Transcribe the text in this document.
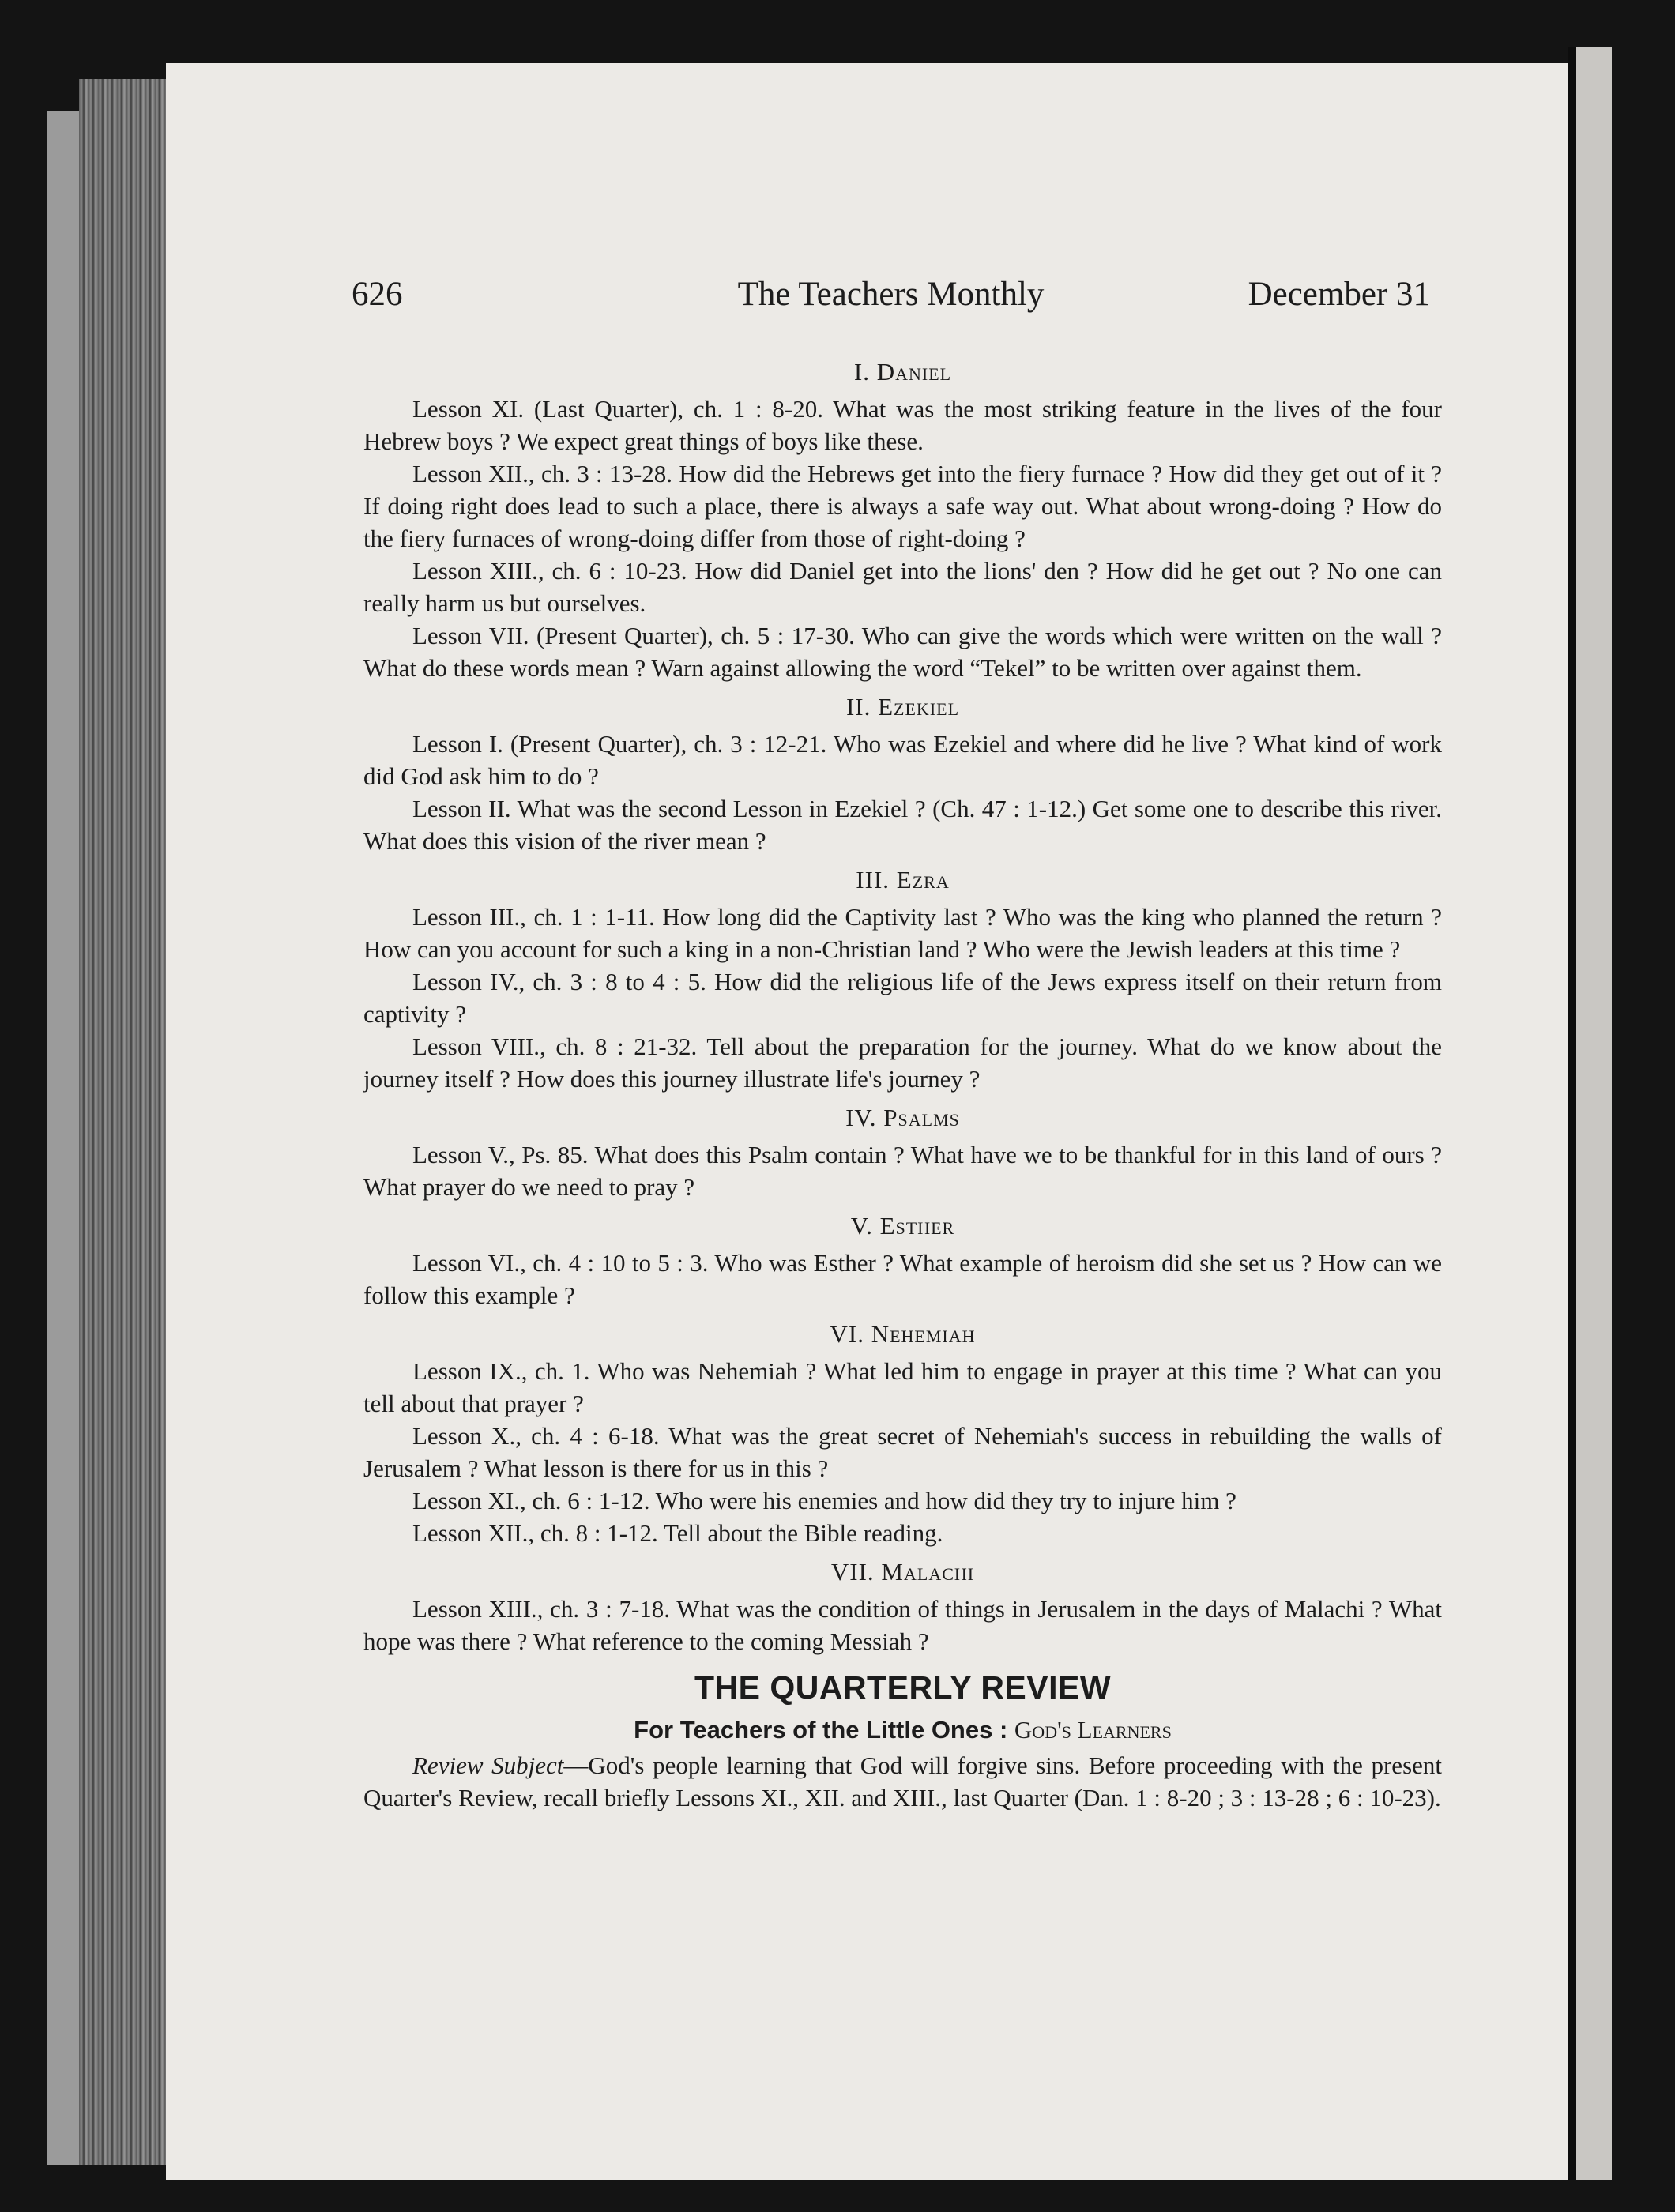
626	The Teachers Monthly	December 31
I. Daniel

Lesson XI. (Last Quarter), ch. 1 : 8-20. What was the most striking feature in the lives of the four Hebrew boys ? We expect great things of boys like these.

Lesson XII., ch. 3 : 13-28. How did the Hebrews get into the fiery furnace ? How did they get out of it ? If doing right does lead to such a place, there is always a safe way out. What about wrong-doing ? How do the fiery furnaces of wrong-doing differ from those of right-doing ?

Lesson XIII., ch. 6 : 10-23. How did Daniel get into the lions' den ? How did he get out ? No one can really harm us but ourselves.

Lesson VII. (Present Quarter), ch. 5 : 17-30. Who can give the words which were written on the wall ? What do these words mean ? Warn against allowing the word “Tekel” to be written over against them.

II. Ezekiel

Lesson I. (Present Quarter), ch. 3 : 12-21. Who was Ezekiel and where did he live ? What kind of work did God ask him to do ?

Lesson II. What was the second Lesson in Ezekiel ? (Ch. 47 : 1-12.) Get some one to describe this river. What does this vision of the river mean ?

III. Ezra

Lesson III., ch. 1 : 1-11. How long did the Captivity last ? Who was the king who planned the return ? How can you account for such a king in a non-Christian land ? Who were the Jewish leaders at this time ?

Lesson IV., ch. 3 : 8 to 4 : 5. How did the religious life of the Jews express itself on their return from captivity ?

Lesson VIII., ch. 8 : 21-32. Tell about the preparation for the journey. What do we know about the journey itself ? How does this journey illustrate life's journey ?

IV. Psalms

Lesson V., Ps. 85. What does this Psalm contain ? What have we to be thankful for in this land of ours ? What prayer do we need to pray ?

V. Esther

Lesson VI., ch. 4 : 10 to 5 : 3. Who was Esther ? What example of heroism did she set us ? How can we follow this example ?

VI. Nehemiah

Lesson IX., ch. 1. Who was Nehemiah ? What led him to engage in prayer at this time ? What can you tell about that prayer ?

Lesson X., ch. 4 : 6-18. What was the great secret of Nehemiah's success in rebuilding the walls of Jerusalem ? What lesson is there for us in this ?

Lesson XI., ch. 6 : 1-12. Who were his enemies and how did they try to injure him ?

Lesson XII., ch. 8 : 1-12. Tell about the Bible reading.

VII. Malachi

Lesson XIII., ch. 3 : 7-18. What was the condition of things in Jerusalem in the days of Malachi ? What hope was there ? What reference to the coming Messiah ?

THE QUARTERLY REVIEW
For Teachers of the Little Ones : God's Learners

Review Subject—God's people learning that God will forgive sins. Before proceeding with the present Quarter's Review, recall briefly Lessons XI., XII. and XIII., last Quarter (Dan. 1 : 8-20 ; 3 : 13-28 ; 6 : 10-23).
